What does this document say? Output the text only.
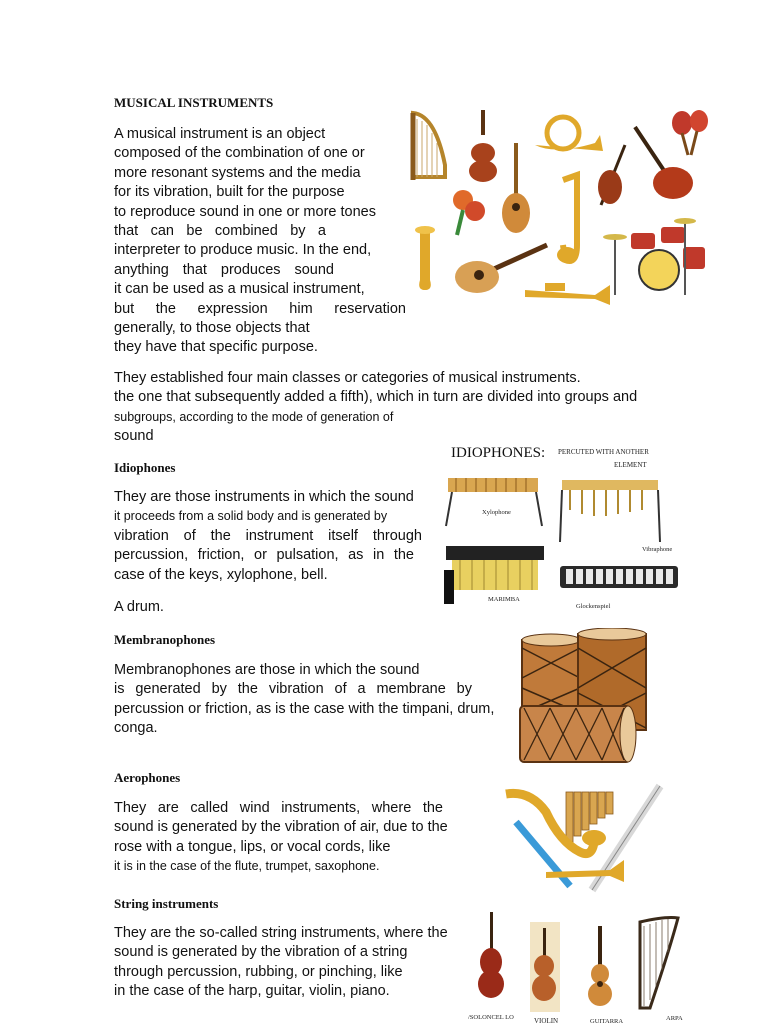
MUSICAL INSTRUMENTS
A musical instrument is an object
composed of the combination of one or
more resonant systems and the media
for its vibration, built for the purpose
to reproduce sound in one or more tones
that can be combined by a
interpreter to produce music. In the end,
anything that produces sound
it can be used as a musical instrument,
but the expression him reservation
generally, to those objects that
they have that specific purpose.
They established four main classes or categories of musical instruments.
the one that subsequently added a fifth), which in turn are divided into groups and
subgroups, according to the mode of generation of
sound
Idiophones
They are those instruments in which the sound
it proceeds from a solid body and is generated by
vibration of the instrument itself through
percussion, friction, or pulsation, as in the
case of the keys, xylophone, bell.
A drum.
IDIOPHONES: PERCUTED WITH ANOTHER
ELEMENT
Xylophone
Vibraphone
MARIMBA
Glockenspiel
Membranophones
Membranophones are those in which the sound
is generated by the vibration of a membrane by
percussion or friction, as is the case with the timpani, drum,
conga.
Aerophones
They are called wind instruments, where the
sound is generated by the vibration of air, due to the
rose with a tongue, lips, or vocal cords, like
it is in the case of the flute, trumpet, saxophone.
String instruments
They are the so-called string instruments, where the
sound is generated by the vibration of a string
through percussion, rubbing, or pinching, like
in the case of the harp, guitar, violin, piano.
/SOLONCEL LO	VIOLIN	GUITARRA	ARPA
